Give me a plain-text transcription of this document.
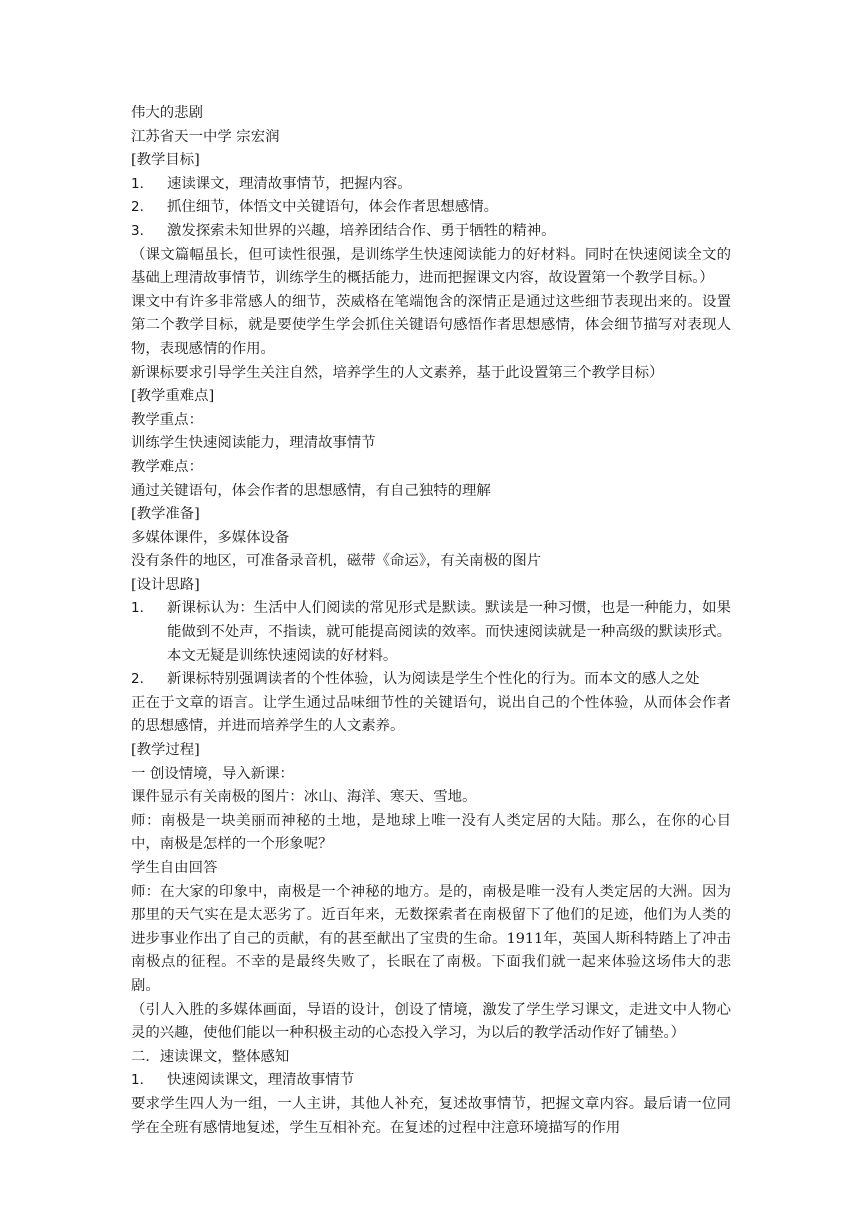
伟大的悲剧
江苏省天一中学 宗宏润
[教学目标]
1． 速读课文，理清故事情节，把握内容。
2． 抓住细节，体悟文中关键语句，体会作者思想感情。
3． 激发探索未知世界的兴趣，培养团结合作、勇于牺牲的精神。
（课文篇幅虽长，但可读性很强，是训练学生快速阅读能力的好材料。同时在快速阅读全文的基础上理清故事情节，训练学生的概括能力，进而把握课文内容，故设置第一个教学目标。）
课文中有许多非常感人的细节，茨威格在笔端饱含的深情正是通过这些细节表现出来的。设置第二个教学目标，就是要使学生学会抓住关键语句感悟作者思想感情，体会细节描写对表现人物，表现感情的作用。
新课标要求引导学生关注自然，培养学生的人文素养，基于此设置第三个教学目标）
[教学重难点]
教学重点：
训练学生快速阅读能力，理清故事情节
教学难点：
通过关键语句，体会作者的思想感情，有自己独特的理解
[教学准备]
多媒体课件，多媒体设备
没有条件的地区，可准备录音机，磁带《命运》，有关南极的图片
[设计思路]
1． 新课标认为：生活中人们阅读的常见形式是默读。默读是一种习惯，也是一种能力，如果能做到不处声，不指读，就可能提高阅读的效率。而快速阅读就是一种高级的默读形式。本文无疑是训练快速阅读的好材料。
2． 新课标特别强调读者的个性体验，认为阅读是学生个性化的行为。而本文的感人之处
正在于文章的语言。让学生通过品味细节性的关键语句，说出自己的个性体验，从而体会作者的思想感情，并进而培养学生的人文素养。
[教学过程]
一 创设情境，导入新课：
课件显示有关南极的图片：冰山、海洋、寒天、雪地。
师：南极是一块美丽而神秘的土地，是地球上唯一没有人类定居的大陆。那么，在你的心目中，南极是怎样的一个形象呢？
学生自由回答
师：在大家的印象中，南极是一个神秘的地方。是的，南极是唯一没有人类定居的大洲。因为那里的天气实在是太恶劣了。近百年来，无数探索者在南极留下了他们的足迹，他们为人类的进步事业作出了自己的贡献，有的甚至献出了宝贵的生命。1911年，英国人斯科特踏上了冲击南极点的征程。不幸的是最终失败了，长眠在了南极。下面我们就一起来体验这场伟大的悲剧。
（引人入胜的多媒体画面，导语的设计，创设了情境，激发了学生学习课文，走进文中人物心灵的兴趣，使他们能以一种积极主动的心态投入学习，为以后的教学活动作好了铺垫。）
二．速读课文，整体感知
1． 快速阅读课文，理清故事情节
要求学生四人为一组，一人主讲，其他人补充，复述故事情节，把握文章内容。最后请一位同学在全班有感情地复述，学生互相补充。在复述的过程中注意环境描写的作用
